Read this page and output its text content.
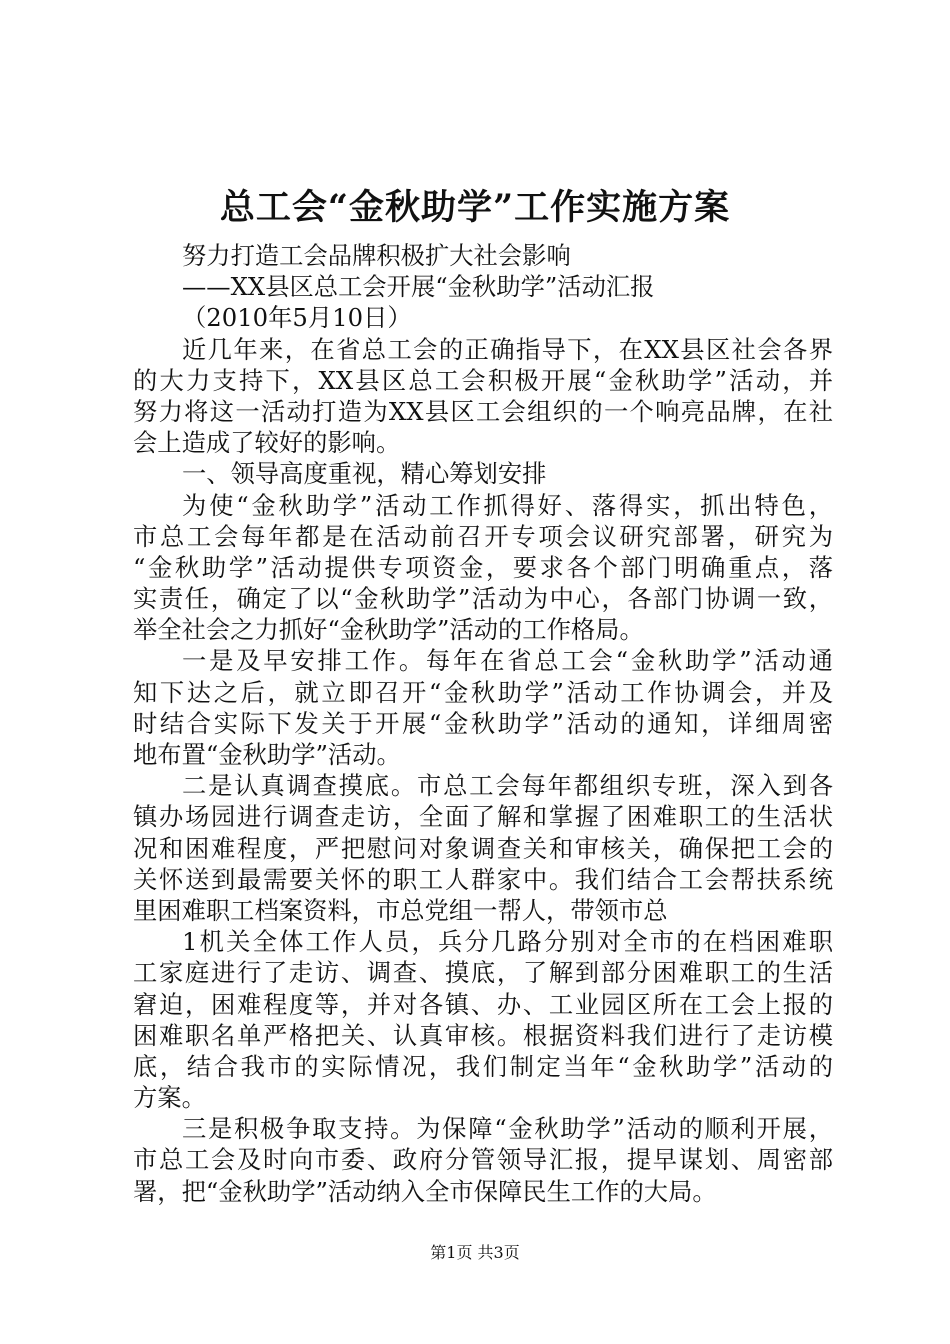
总工会“金秋助学”工作实施方案
努力打造工会品牌积极扩大社会影响
——XX县区总工会开展“金秋助学”活动汇报
（2010年5月10日）
近几年来，在省总工会的正确指导下，在XX县区社会各界
的大力支持下，XX县区总工会积极开展“金秋助学”活动，并
努力将这一活动打造为XX县区工会组织的一个响亮品牌，在社
会上造成了较好的影响。
一、领导高度重视，精心筹划安排
为使“金秋助学”活动工作抓得好、落得实，抓出特色，
市总工会每年都是在活动前召开专项会议研究部署，研究为
“金秋助学”活动提供专项资金，要求各个部门明确重点，落
实责任，确定了以“金秋助学”活动为中心，各部门协调一致，
举全社会之力抓好“金秋助学”活动的工作格局。
一是及早安排工作。每年在省总工会“金秋助学”活动通
知下达之后，就立即召开“金秋助学”活动工作协调会，并及
时结合实际下发关于开展“金秋助学”活动的通知，详细周密
地布置“金秋助学”活动。
二是认真调查摸底。市总工会每年都组织专班，深入到各
镇办场园进行调查走访，全面了解和掌握了困难职工的生活状
况和困难程度，严把慰问对象调查关和审核关，确保把工会的
关怀送到最需要关怀的职工人群家中。我们结合工会帮扶系统
里困难职工档案资料，市总党组一帮人，带领市总
1机关全体工作人员，兵分几路分别对全市的在档困难职
工家庭进行了走访、调查、摸底，了解到部分困难职工的生活
窘迫，困难程度等，并对各镇、办、工业园区所在工会上报的
困难职名单严格把关、认真审核。根据资料我们进行了走访模
底，结合我市的实际情况，我们制定当年“金秋助学”活动的
方案。
三是积极争取支持。为保障“金秋助学”活动的顺利开展，
市总工会及时向市委、政府分管领导汇报，提早谋划、周密部
署，把“金秋助学”活动纳入全市保障民生工作的大局。
第1页 共3页
